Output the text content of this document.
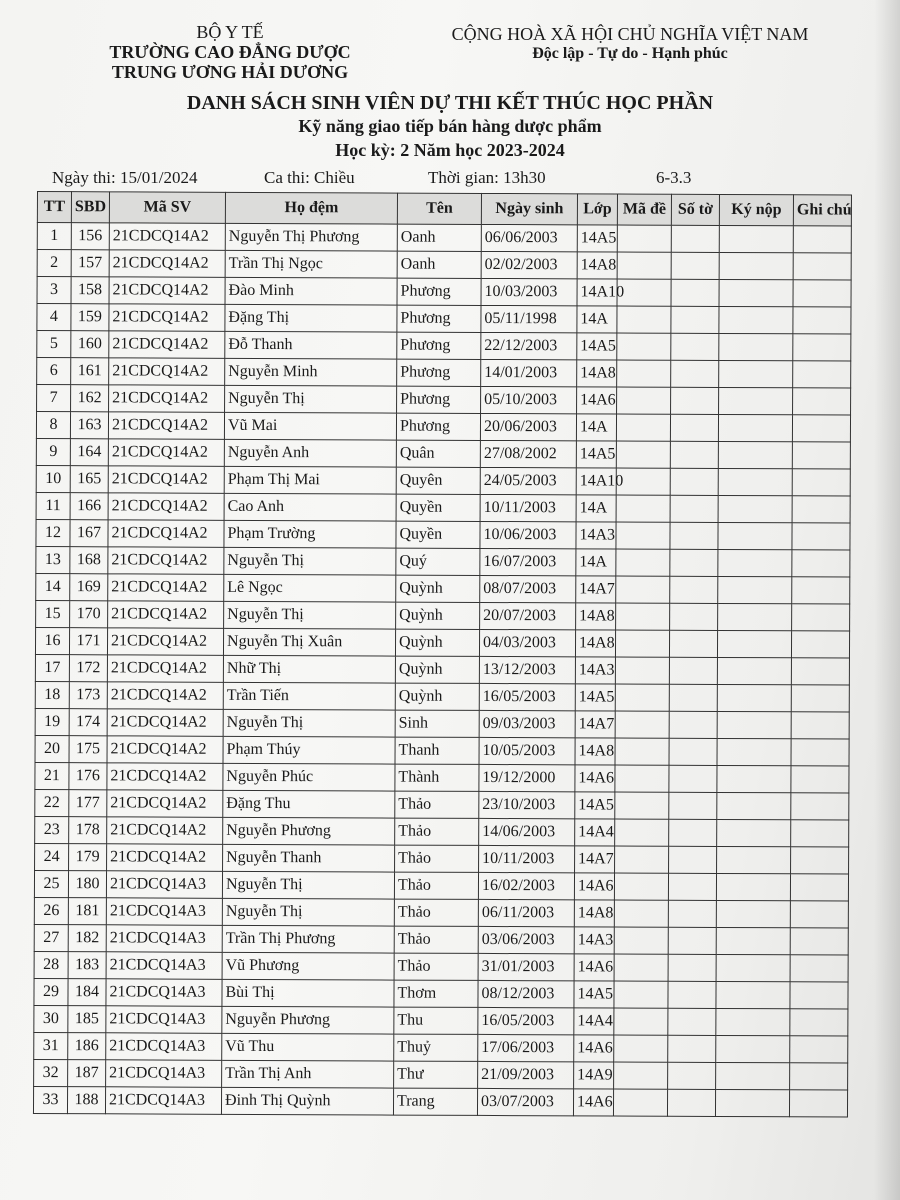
BỘ Y TẾ
TRƯỜNG CAO ĐẲNG DƯỢC
TRUNG ƯƠNG HẢI DƯƠNG
CỘNG HOÀ XÃ HỘI CHỦ NGHĨA VIỆT NAM
Độc lập - Tự do - Hạnh phúc
DANH SÁCH SINH VIÊN DỰ THI KẾT THÚC HỌC PHẦN
Kỹ năng giao tiếp bán hàng dược phẩm
Học kỳ: 2 Năm học 2023-2024
Ngày thi: 15/01/2024	Ca thi: Chiều	Thời gian: 13h30	6-3.3
TT	SBD	Mã SV	Họ đệm	Tên	Ngày sinh	Lớp	Mã đề	Số tờ	Ký nộp	Ghi chú
1	156	21CDCQ14A2	Nguyễn Thị Phương	Oanh	06/06/2003	14A5				
2	157	21CDCQ14A2	Trần Thị Ngọc	Oanh	02/02/2003	14A8				
3	158	21CDCQ14A2	Đào Minh	Phương	10/03/2003	14A10				
4	159	21CDCQ14A2	Đặng Thị	Phương	05/11/1998	14A				
5	160	21CDCQ14A2	Đỗ Thanh	Phương	22/12/2003	14A5				
6	161	21CDCQ14A2	Nguyễn Minh	Phương	14/01/2003	14A8				
7	162	21CDCQ14A2	Nguyễn Thị	Phương	05/10/2003	14A6				
8	163	21CDCQ14A2	Vũ Mai	Phương	20/06/2003	14A				
9	164	21CDCQ14A2	Nguyễn Anh	Quân	27/08/2002	14A5				
10	165	21CDCQ14A2	Phạm Thị Mai	Quyên	24/05/2003	14A10				
11	166	21CDCQ14A2	Cao Anh	Quyền	10/11/2003	14A				
12	167	21CDCQ14A2	Phạm Trường	Quyền	10/06/2003	14A3				
13	168	21CDCQ14A2	Nguyễn Thị	Quý	16/07/2003	14A				
14	169	21CDCQ14A2	Lê Ngọc	Quỳnh	08/07/2003	14A7				
15	170	21CDCQ14A2	Nguyễn Thị	Quỳnh	20/07/2003	14A8				
16	171	21CDCQ14A2	Nguyễn Thị Xuân	Quỳnh	04/03/2003	14A8				
17	172	21CDCQ14A2	Nhữ Thị	Quỳnh	13/12/2003	14A3				
18	173	21CDCQ14A2	Trần Tiến	Quỳnh	16/05/2003	14A5				
19	174	21CDCQ14A2	Nguyễn Thị	Sinh	09/03/2003	14A7				
20	175	21CDCQ14A2	Phạm Thúy	Thanh	10/05/2003	14A8				
21	176	21CDCQ14A2	Nguyễn Phúc	Thành	19/12/2000	14A6				
22	177	21CDCQ14A2	Đặng Thu	Thảo	23/10/2003	14A5				
23	178	21CDCQ14A2	Nguyễn Phương	Thảo	14/06/2003	14A4				
24	179	21CDCQ14A2	Nguyễn Thanh	Thảo	10/11/2003	14A7				
25	180	21CDCQ14A3	Nguyễn Thị	Thảo	16/02/2003	14A6				
26	181	21CDCQ14A3	Nguyễn Thị	Thảo	06/11/2003	14A8				
27	182	21CDCQ14A3	Trần Thị Phương	Thảo	03/06/2003	14A3				
28	183	21CDCQ14A3	Vũ Phương	Thảo	31/01/2003	14A6				
29	184	21CDCQ14A3	Bùi Thị	Thơm	08/12/2003	14A5				
30	185	21CDCQ14A3	Nguyễn Phương	Thu	16/05/2003	14A4				
31	186	21CDCQ14A3	Vũ Thu	Thuỷ	17/06/2003	14A6				
32	187	21CDCQ14A3	Trần Thị Anh	Thư	21/09/2003	14A9				
33	188	21CDCQ14A3	Đinh Thị Quỳnh	Trang	03/07/2003	14A6				
